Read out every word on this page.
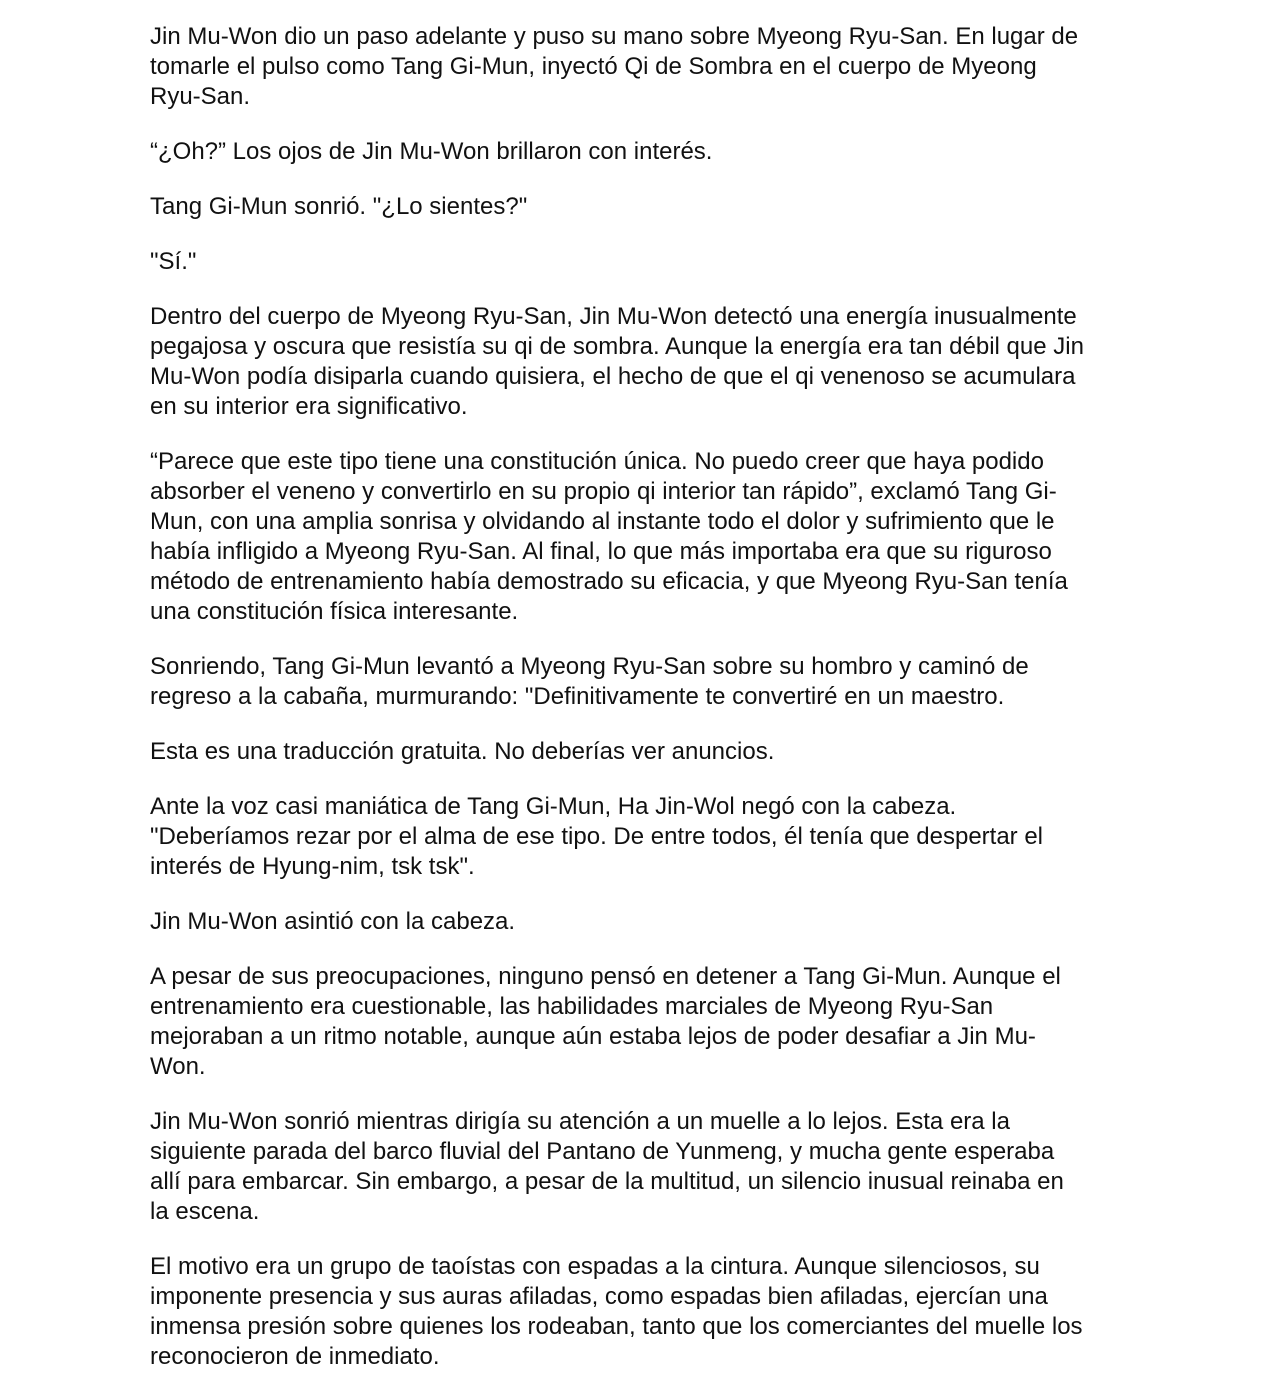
Jin Mu-Won dio un paso adelante y puso su mano sobre Myeong Ryu-San. En lugar de
tomarle el pulso como Tang Gi-Mun, inyectó Qi de Sombra en el cuerpo de Myeong
Ryu-San.

“¿Oh?” Los ojos de Jin Mu-Won brillaron con interés.

Tang Gi-Mun sonrió. "¿Lo sientes?"

"Sí."

Dentro del cuerpo de Myeong Ryu-San, Jin Mu-Won detectó una energía inusualmente
pegajosa y oscura que resistía su qi de sombra. Aunque la energía era tan débil que Jin
Mu-Won podía disiparla cuando quisiera, el hecho de que el qi venenoso se acumulara
en su interior era significativo.

“Parece que este tipo tiene una constitución única. No puedo creer que haya podido
absorber el veneno y convertirlo en su propio qi interior tan rápido”, exclamó Tang Gi-
Mun, con una amplia sonrisa y olvidando al instante todo el dolor y sufrimiento que le
había infligido a Myeong Ryu-San. Al final, lo que más importaba era que su riguroso
método de entrenamiento había demostrado su eficacia, y que Myeong Ryu-San tenía
una constitución física interesante.

Sonriendo, Tang Gi-Mun levantó a Myeong Ryu-San sobre su hombro y caminó de
regreso a la cabaña, murmurando: "Definitivamente te convertiré en un maestro.

Esta es una traducción gratuita. No deberías ver anuncios.

Ante la voz casi maniática de Tang Gi-Mun, Ha Jin-Wol negó con la cabeza.
"Deberíamos rezar por el alma de ese tipo. De entre todos, él tenía que despertar el
interés de Hyung-nim, tsk tsk".

Jin Mu-Won asintió con la cabeza.

A pesar de sus preocupaciones, ninguno pensó en detener a Tang Gi-Mun. Aunque el
entrenamiento era cuestionable, las habilidades marciales de Myeong Ryu-San
mejoraban a un ritmo notable, aunque aún estaba lejos de poder desafiar a Jin Mu-
Won.

Jin Mu-Won sonrió mientras dirigía su atención a un muelle a lo lejos. Esta era la
siguiente parada del barco fluvial del Pantano de Yunmeng, y mucha gente esperaba
allí para embarcar. Sin embargo, a pesar de la multitud, un silencio inusual reinaba en
la escena.

El motivo era un grupo de taoístas con espadas a la cintura. Aunque silenciosos, su
imponente presencia y sus auras afiladas, como espadas bien afiladas, ejercían una
inmensa presión sobre quienes los rodeaban, tanto que los comerciantes del muelle los
reconocieron de inmediato.
